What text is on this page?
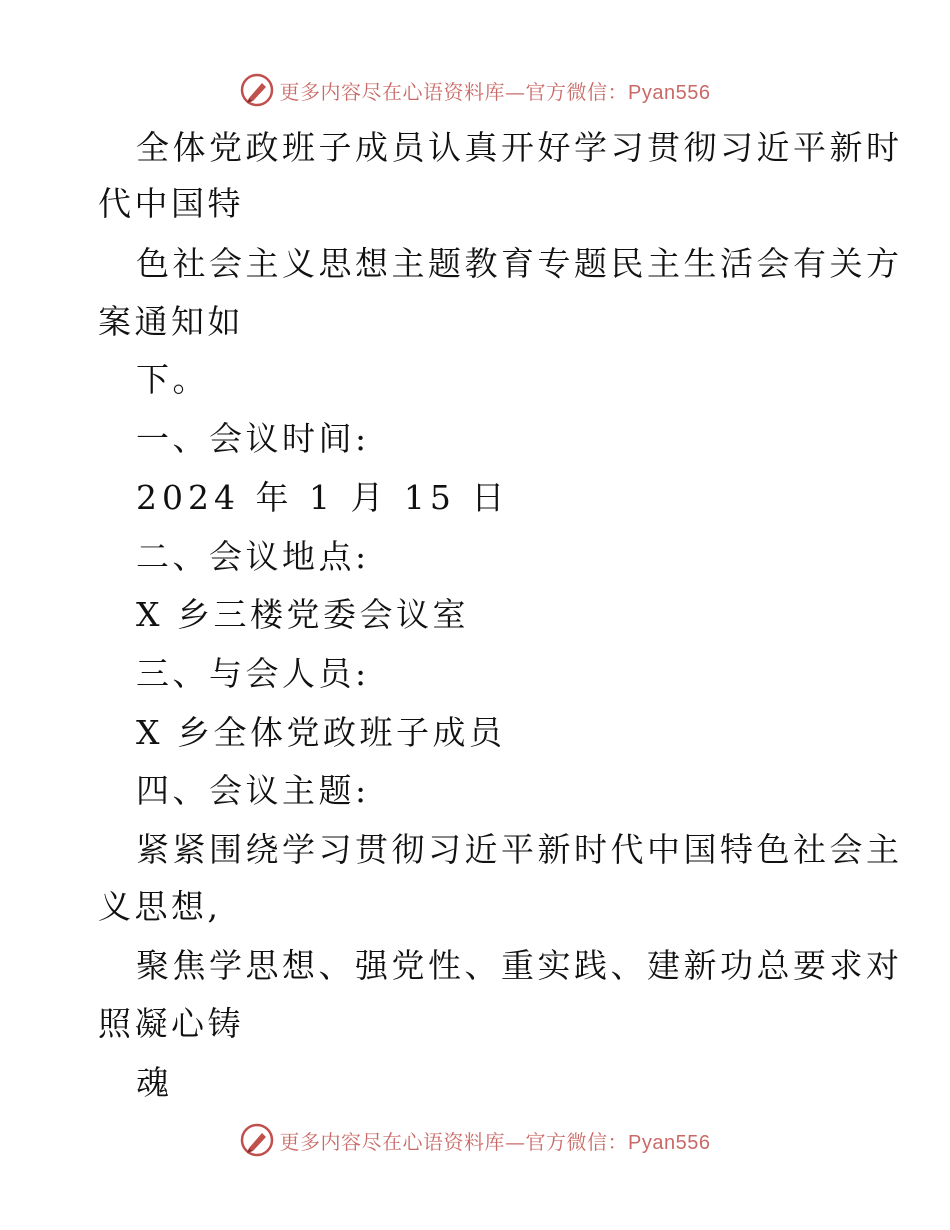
更多内容尽在心语资料库—官方微信：Pyan556
全体党政班子成员认真开好学习贯彻习近平新时
代中国特
色社会主义思想主题教育专题民主生活会有关方
案通知如
下。
一、会议时间:
2024 年 1 月 15 日
二、会议地点:
X 乡三楼党委会议室
三、与会人员:
X 乡全体党政班子成员
四、会议主题:
紧紧围绕学习贯彻习近平新时代中国特色社会主
义思想,
聚焦学思想、强党性、重实践、建新功总要求对
照凝心铸
魂
更多内容尽在心语资料库—官方微信：Pyan556
